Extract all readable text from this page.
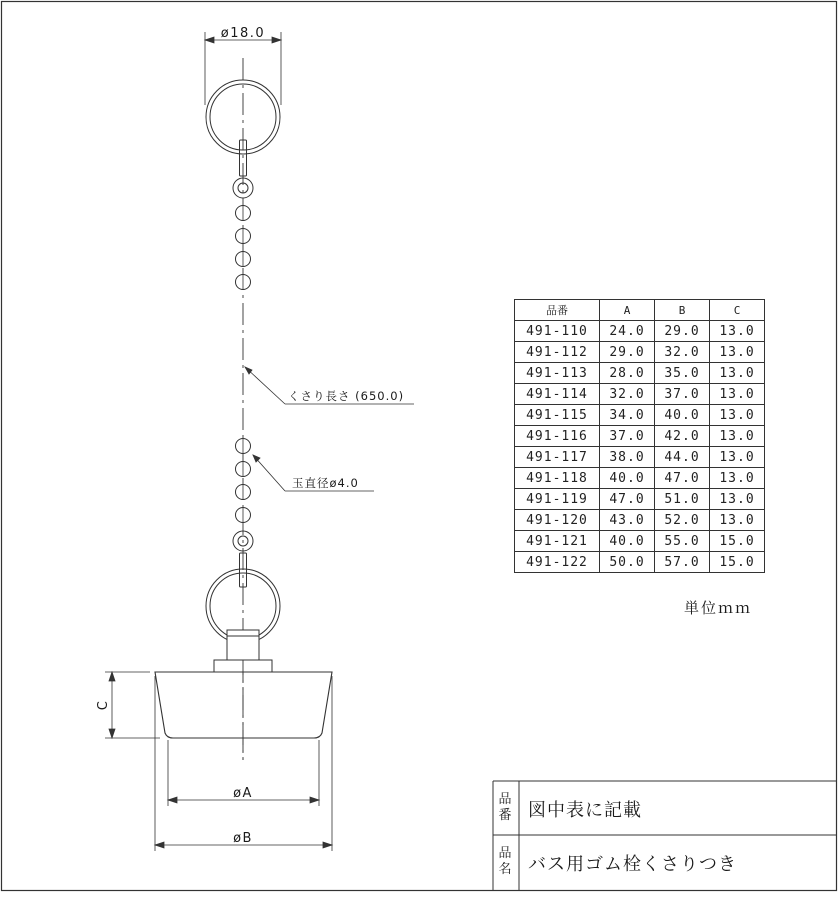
ø18.0
くさり長さ (650.0)
玉直径ø4.0
C
øA
øB
品番	A	B	C
491-110	24.0	29.0	13.0
491-112	29.0	32.0	13.0
491-113	28.0	35.0	13.0
491-114	32.0	37.0	13.0
491-115	34.0	40.0	13.0
491-116	37.0	42.0	13.0
491-117	38.0	44.0	13.0
491-118	40.0	47.0	13.0
491-119	47.0	51.0	13.0
491-120	43.0	52.0	13.0
491-121	40.0	55.0	15.0
491-122	50.0	57.0	15.0
単位ｍｍ
品
番 図中表に記載
品
名 バス用ゴム栓くさりつき
